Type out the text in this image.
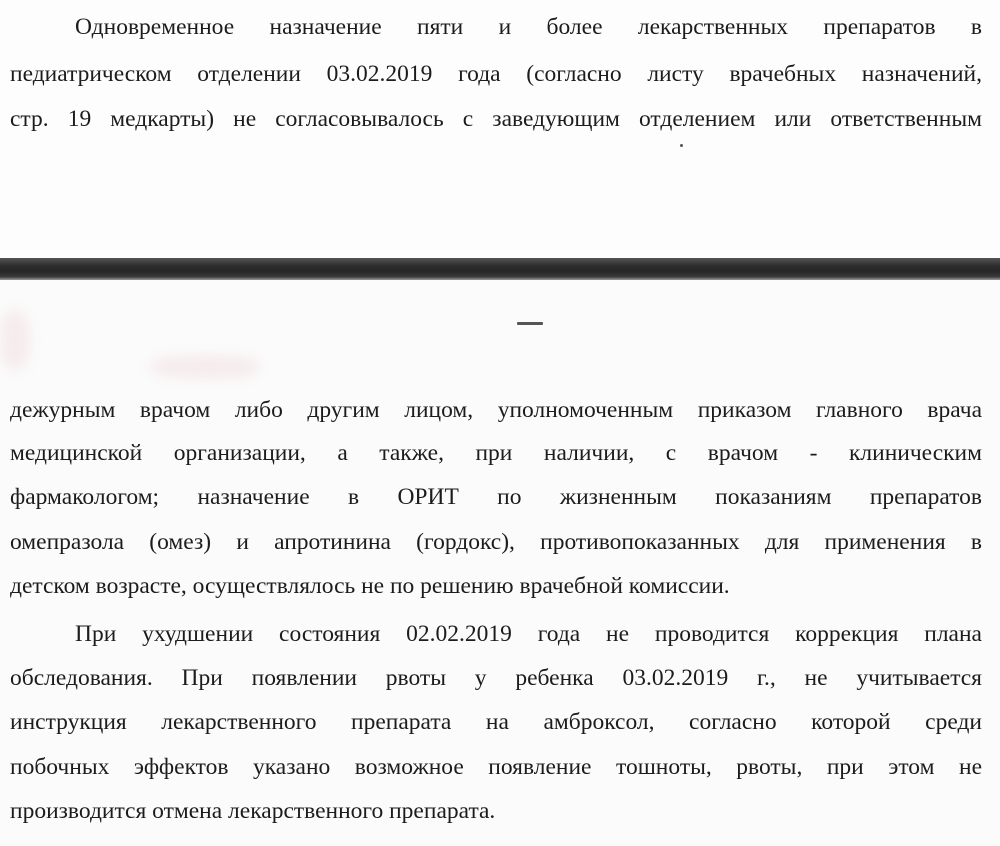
Одновременное назначение пяти и более лекарственных препаратов в
педиатрическом отделении 03.02.2019 года (согласно листу врачебных назначений,
стр. 19 медкарты) не согласовывалось с заведующим отделением или ответственным
дежурным врачом либо другим лицом, уполномоченным приказом главного врача
медицинской организации, а также, при наличии, с врачом - клиническим
фармакологом; назначение в ОРИТ по жизненным показаниям препаратов
омепразола (омез) и апротинина (гордокс), противопоказанных для применения в
детском возрасте, осуществлялось не по решению врачебной комиссии.
При ухудшении состояния 02.02.2019 года не проводится коррекция плана
обследования. При появлении рвоты у ребенка 03.02.2019 г., не учитывается
инструкция лекарственного препарата на амброксол, согласно которой среди
побочных эффектов указано возможное появление тошноты, рвоты, при этом не
производится отмена лекарственного препарата.
